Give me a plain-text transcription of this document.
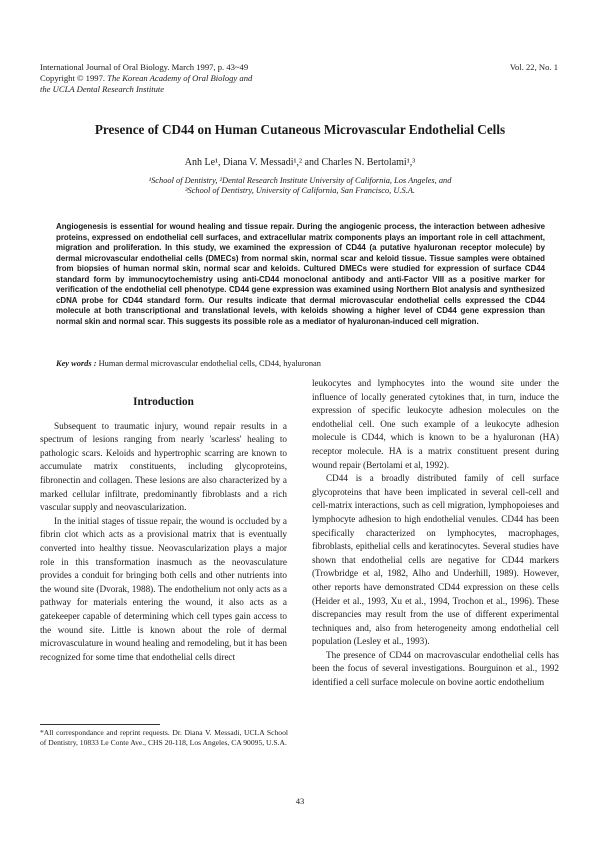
International Journal of Oral Biology. March 1997, p. 43~49
Copyright © 1997. The Korean Academy of Oral Biology and
the UCLA Dental Research Institute
Vol. 22, No. 1
Presence of CD44 on Human Cutaneous Microvascular Endothelial Cells
Anh Le¹, Diana V. Messadi¹,² and Charles N. Bertolami¹,³
¹School of Dentistry, ²Dental Research Institute University of California, Los Angeles, and
³School of Dentistry, University of California, San Francisco, U.S.A.
Angiogenesis is essential for wound healing and tissue repair. During the angiogenic process, the interaction between adhesive proteins, expressed on endothelial cell surfaces, and extracellular matrix components plays an important role in cell attachment, migration and proliferation. In this study, we examined the expression of CD44 (a putative hyaluronan receptor molecule) by dermal microvascular endothelial cells (DMECs) from normal skin, normal scar and keloid tissue. Tissue samples were obtained from biopsies of human normal skin, normal scar and keloids. Cultured DMECs were studied for expression of surface CD44 standard form by immunocytochemistry using anti-CD44 monoclonal antibody and anti-Factor VIII as a positive marker for verification of the endothelial cell phenotype. CD44 gene expression was examined using Northern Blot analysis and synthesized cDNA probe for CD44 standard form. Our results indicate that dermal microvascular endothelial cells expressed the CD44 molecule at both transcriptional and translational levels, with keloids showing a higher level of CD44 gene expression than normal skin and normal scar. This suggests its possible role as a mediator of hyaluronan-induced cell migration.
Key words : Human dermal microvascular endothelial cells, CD44, hyaluronan
Introduction

Subsequent to traumatic injury, wound repair results in a spectrum of lesions ranging from nearly 'scarless' healing to pathologic scars. Keloids and hypertrophic scarring are known to accumulate matrix constituents, including glycoproteins, fibronectin and collagen. These lesions are also characterized by a marked cellular infiltrate, predominantly fibroblasts and a rich vascular supply and neovascularization.

In the initial stages of tissue repair, the wound is occluded by a fibrin clot which acts as a provisional matrix that is eventually converted into healthy tissue. Neovascularization plays a major role in this transformation inasmuch as the neovasculature provides a conduit for bringing both cells and other nutrients into the wound site (Dvorak, 1988). The endothelium not only acts as a pathway for materials entering the wound, it also acts as a gatekeeper capable of determining which cell types gain access to the wound site. Little is known about the role of dermal microvasculature in wound healing and remodeling, but it has been recognized for some time that endothelial cells direct

*All correspondance and reprint requests. Dr. Diana V. Messadi, UCLA School of Dentistry, 10833 Le Conte Ave., CHS 20-118, Los Angeles, CA 90095, U.S.A.

leukocytes and lymphocytes into the wound site under the influence of locally generated cytokines that, in turn, induce the expression of specific leukocyte adhesion molecules on the endothelial cell. One such example of a leukocyte adhesion molecule is CD44, which is known to be a hyaluronan (HA) receptor molecule. HA is a matrix constituent present during wound repair (Bertolami et al, 1992).

CD44 is a broadly distributed family of cell surface glycoproteins that have been implicated in several cell-cell and cell-matrix interactions, such as cell migration, lymphopoieses and lymphocyte adhesion to high endothelial venules. CD44 has been specifically characterized on lymphocytes, macrophages, fibroblasts, epithelial cells and keratinocytes. Several studies have shown that endothelial cells are negative for CD44 markers (Trowbridge et al, 1982, Alho and Underhill, 1989). However, other reports have demonstrated CD44 expression on these cells (Heider et al., 1993, Xu et al., 1994, Trochon et al., 1996). These discrepancies may result from the use of different experimental techniques and, also from heterogeneity among endothelial cell population (Lesley et al., 1993).

The presence of CD44 on macrovascular endothelial cells has been the focus of several investigations. Bourguinon et al., 1992 identified a cell surface molecule on bovine aortic endothelium

43
